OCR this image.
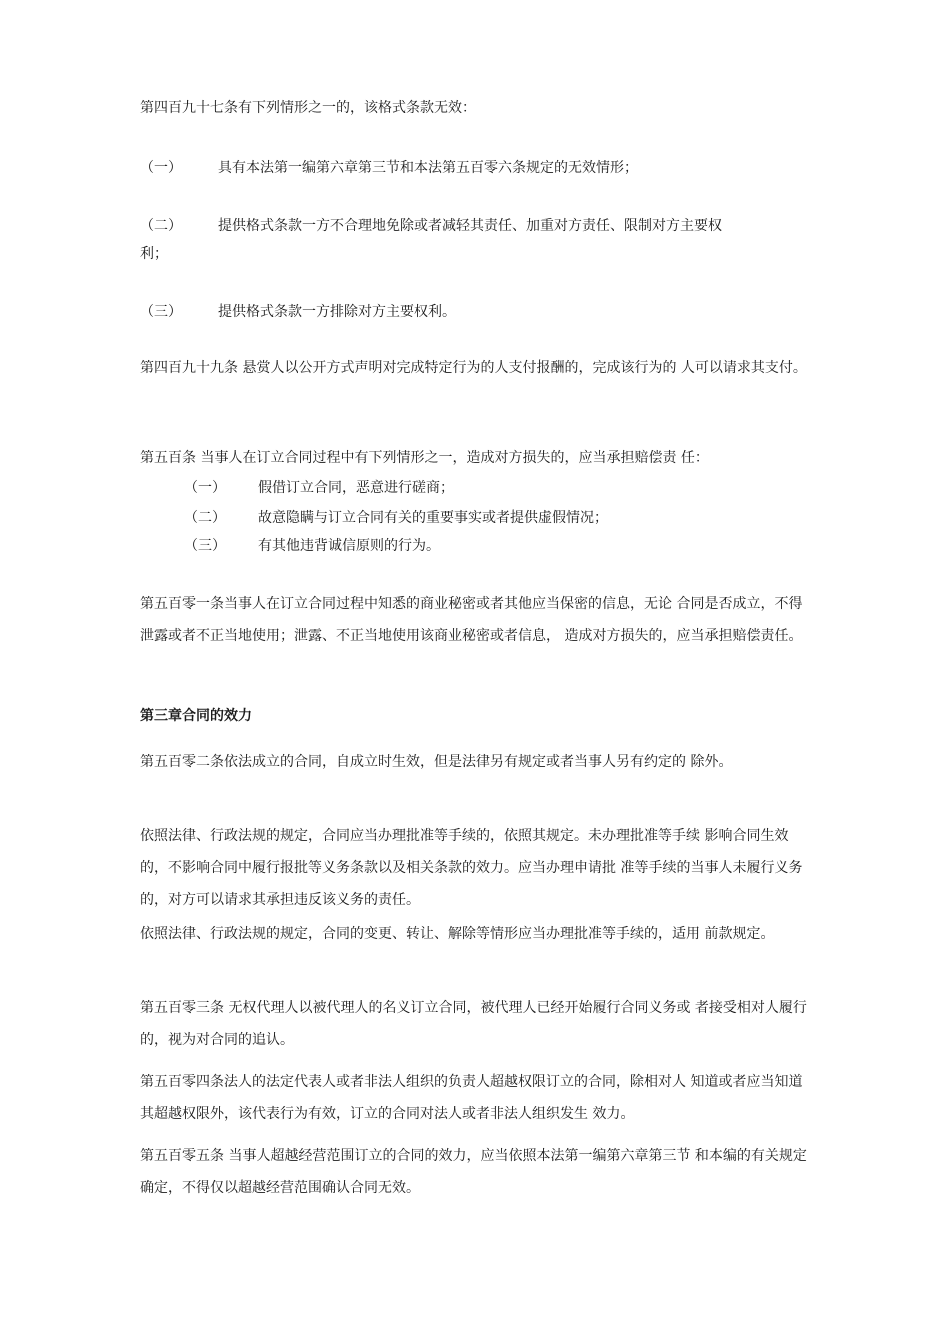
第四百九十七条有下列情形之一的，该格式条款无效：

（一）	具有本法第一编第六章第三节和本法第五百零六条规定的无效情形；
（二）	提供格式条款一方不合理地免除或者减轻其责任、加重对方责任、限制对方主要权
利；
（三）	提供格式条款一方排除对方主要权利。

第四百九十九条 悬赏人以公开方式声明对完成特定行为的人支付报酬的，完成该行为的 人可以请求其支付。

第五百条 当事人在订立合同过程中有下列情形之一，造成对方损失的，应当承担赔偿责 任：

（一） 假借订立合同，恶意进行磋商；
（二） 故意隐瞒与订立合同有关的重要事实或者提供虚假情况；
（三） 有其他违背诚信原则的行为。

第五百零一条当事人在订立合同过程中知悉的商业秘密或者其他应当保密的信息，无论 合同是否成立，不得泄露或者不正当地使用；泄露、不正当地使用该商业秘密或者信息， 造成对方损失的，应当承担赔偿责任。

第三章合同的效力

第五百零二条依法成立的合同，自成立时生效，但是法律另有规定或者当事人另有约定的 除外。

依照法律、行政法规的规定，合同应当办理批准等手续的，依照其规定。未办理批准等手续 影响合同生效的，不影响合同中履行报批等义务条款以及相关条款的效力。应当办理申请批 准等手续的当事人未履行义务的，对方可以请求其承担违反该义务的责任。

依照法律、行政法规的规定，合同的变更、转让、解除等情形应当办理批准等手续的，适用 前款规定。

第五百零三条 无权代理人以被代理人的名义订立合同，被代理人已经开始履行合同义务或 者接受相对人履行的，视为对合同的追认。

第五百零四条法人的法定代表人或者非法人组织的负责人超越权限订立的合同，除相对人 知道或者应当知道其超越权限外，该代表行为有效，订立的合同对法人或者非法人组织发生 效力。

第五百零五条 当事人超越经营范围订立的合同的效力，应当依照本法第一编第六章第三节 和本编的有关规定确定，不得仅以超越经营范围确认合同无效。
